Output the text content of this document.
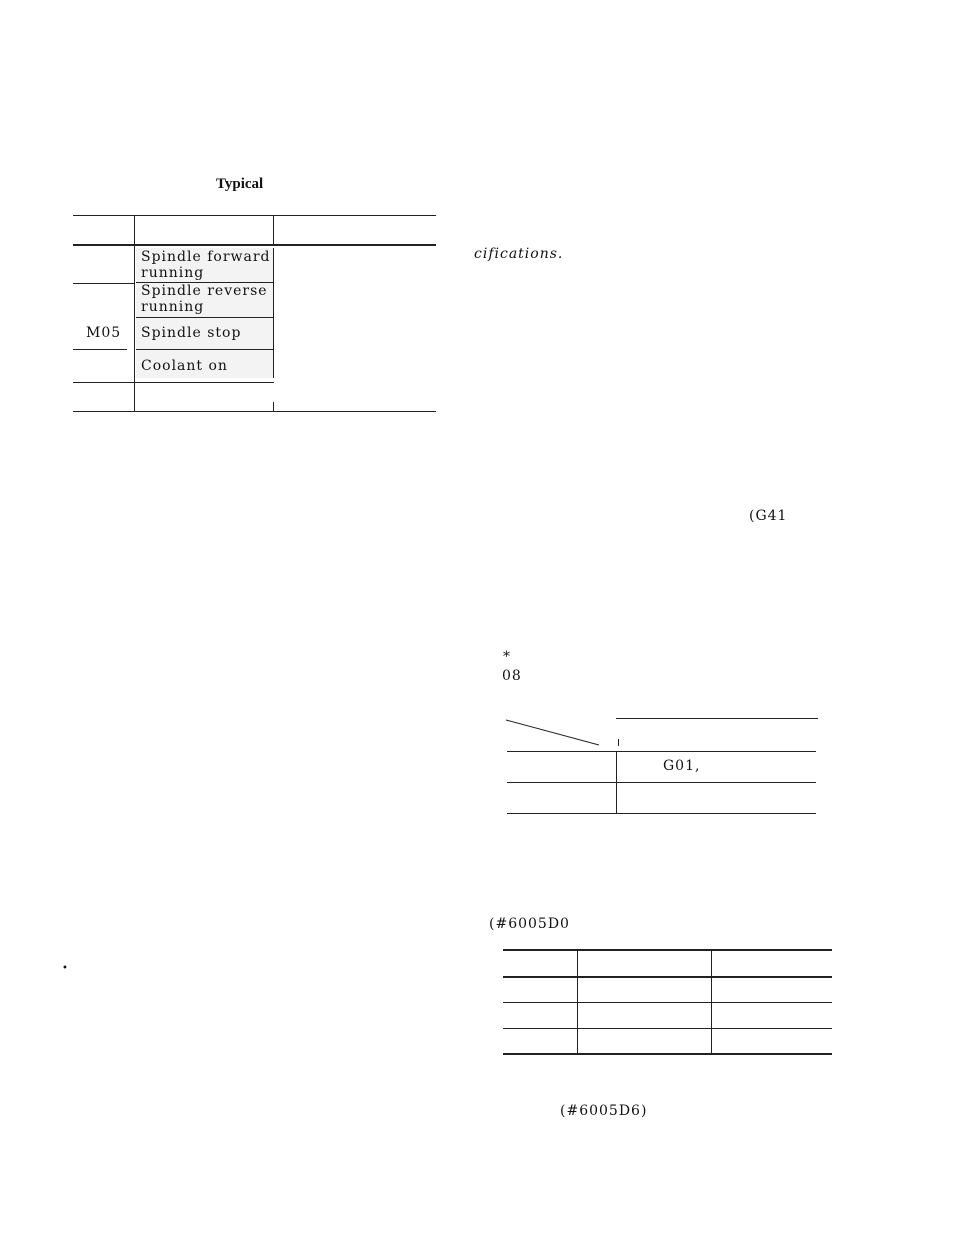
Typical
Spindle forward
running
Spindle reverse
running
M05 Spindle stop
Coolant on
•
cifications.
(G41
*
08
G01,
(#6005D0
(#6005D6)
